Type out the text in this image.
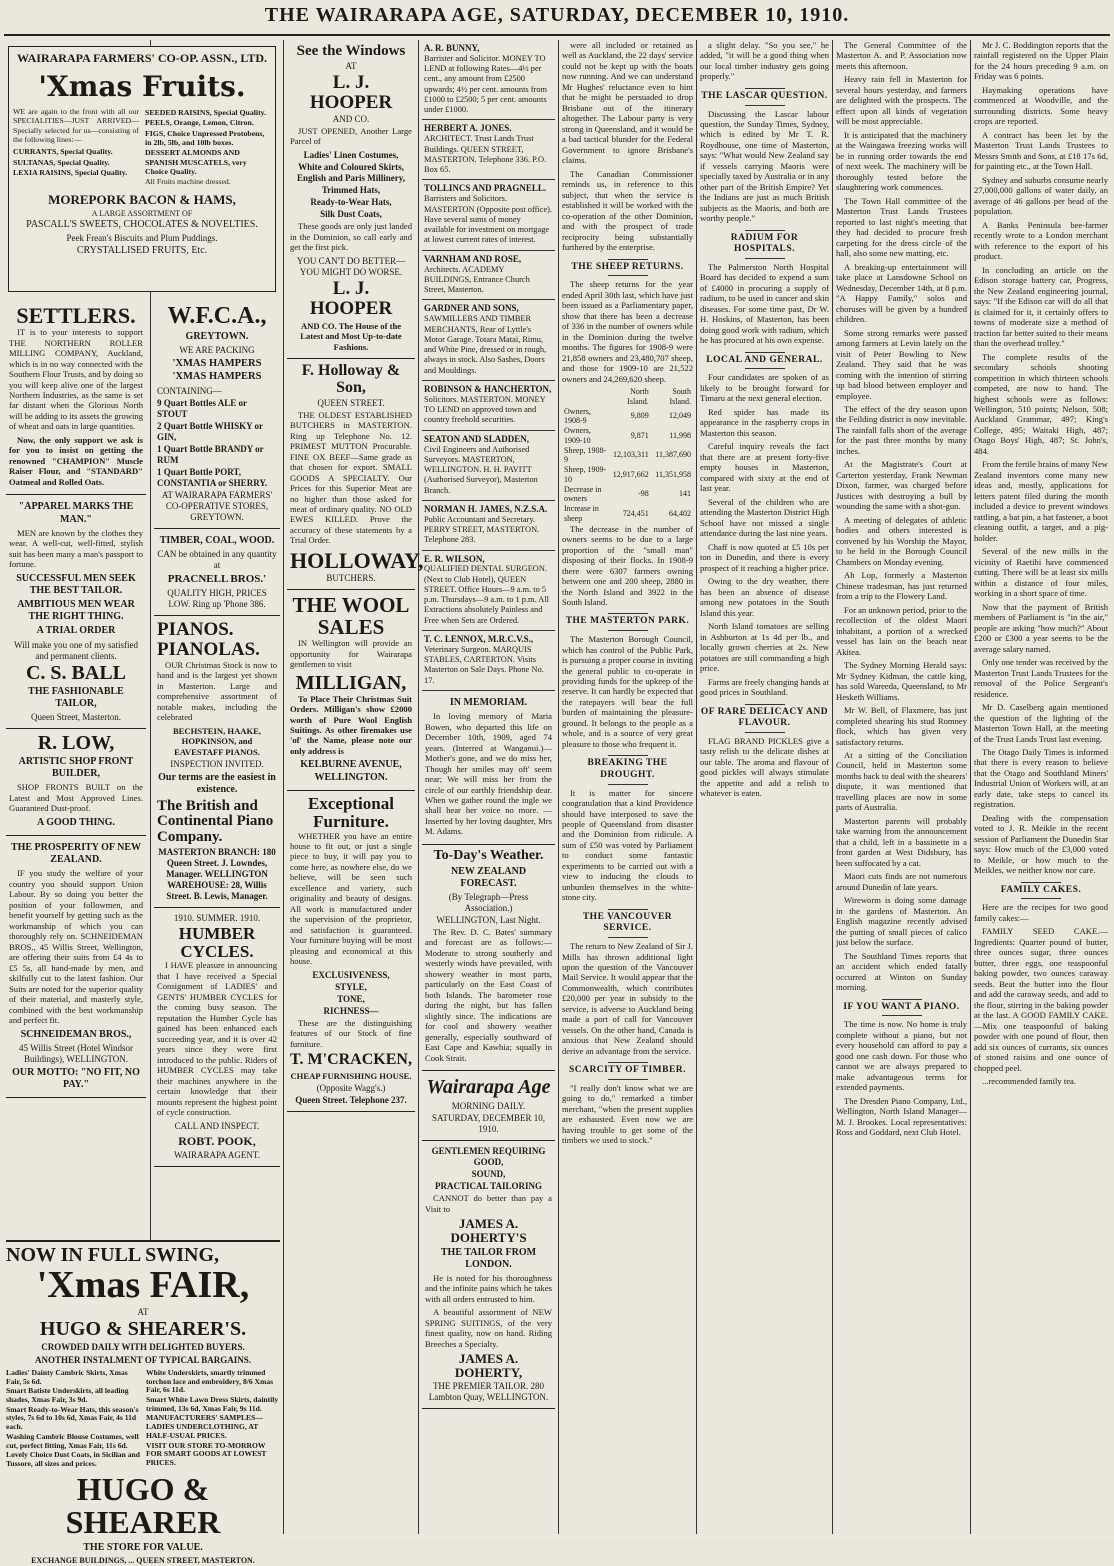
THE WAIRARAPA AGE, SATURDAY, DECEMBER 10, 1910.
WAIRARAPA FARMERS' CO-OP. ASSN., LTD.
'Xmas Fruits.

WE are again to the front with all our SPECIALITIES—JUST ARRIVED—Specially selected for us—consisting of the following lines:—

CURRANTS, Special Quality.
SULTANAS, Special Quality.
LEXIA RAISINS, Special Quality.
SEEDED RAISINS, Special Quality.
PEELS, Orange, Lemon, Citron.
FIGS, Choice Unpressed Protobens, in 2lb, 5lb, and 10lb boxes.
DESSERT ALMONDS AND SPANISH MUSCATELS, very Choice Quality.
All Fruits machine dressed.
MOREPORK BACON & HAMS,
A LARGE ASSORTMENT OF
PASCALL'S SWEETS, CHOCOLATES & NOVELTIES.
Peek Frean's Biscuits and Plum Puddings.
CRYSTALLISED FRUITS, Etc.
SETTLERS.

IT is to your interests to support THE NORTHERN ROLLER MILLING COMPANY, Auckland, which is in no way connected with the Southern Flour Trusts, and by doing so you will keep alive one of the largest Northern Industries, as the same is set far distant when the Glorious North will be adding to its assets the growing of wheat and oats in large quantities.

Now, the only support we ask is for you to insist on getting the renowned "CHAMPION" Muscle Raiser Flour, and "STANDARD" Oatmeal and Rolled Oats.

"APPAREL MARKS THE MAN."

MEN are known by the clothes they wear. A well-cut, well-fitted, stylish suit has been many a man's passport to fortune.

SUCCESSFUL MEN SEEK THE BEST TAILOR.
AMBITIOUS MEN WEAR THE RIGHT THING.
A TRIAL ORDER
Will make you one of my satisfied and permanent clients.
C. S. BALL
THE FASHIONABLE TAILOR,
Queen Street, Masterton.
R. LOW,
ARTISTIC SHOP FRONT BUILDER,

SHOP FRONTS BUILT on the Latest and Most Approved Lines. Guaranteed Dust-proof.

A GOOD THING.
THE PROSPERITY OF NEW ZEALAND.

IF you study the welfare of your country you should support Union Labour. By so doing you better the position of your followmen, and benefit yourself by getting such as the workmanship of which you can thoroughly rely on. SCHNEIDEMAN BROS., 45 Willis Street, Wellington, are offering their suits from £4 4s to £5 5s, all hand-made by men, and skilfully cut to the latest fashion. Our Suits are noted for the superior quality of their material, and masterly style, combined with the best workmanship and perfect fit.

SCHNEIDEMAN BROS.,
45 Willis Street (Hotel Windsor Buildings), WELLINGTON.
OUR MOTTO: "NO FIT, NO PAY."
W.F.C.A.,
GREYTOWN.
WE ARE PACKING
'XMAS HAMPERS 'XMAS HAMPERS
CONTAINING—
9 Quart Bottles ALE or STOUT
2 Quart Bottle WHISKY or GIN,
1 Quart Bottle BRANDY or RUM
1 Quart Bottle PORT, CONSTANTIA or SHERRY.
AT WAIRARAPA FARMERS' CO-OPERATIVE STORES, GREYTOWN.
TIMBER, COAL, WOOD.
CAN be obtained in any quantity at
PRACNELL BROS.'
QUALITY HIGH, PRICES LOW. Ring up 'Phone 386.
PIANOS.
PIANOLAS.

OUR Christmas Stock is now to hand and is the largest yet shown in Masterton. Large and comprehensive assortment of notable makes, including the celebrated

BECHSTEIN, HAAKE, HOPKINSON, and EAVESTAFF PIANOS.
INSPECTION INVITED.
Our terms are the easiest in existence.
The British and Continental Piano Company.
MASTERTON BRANCH: 180 Queen Street. J. Lowndes, Manager. WELLINGTON WAREHOUSE: 28, Willis Street. B. Lewis, Manager.
1910. SUMMER. 1910.
HUMBER CYCLES.

I HAVE pleasure in announcing that I have received a Special Consignment of LADIES' and GENTS' HUMBER CYCLES for the coming busy season. The reputation the Humber Cycle has gained has been enhanced each succeeding year, and it is over 42 years since they were first introduced to the public. Riders of HUMBER CYCLES may take their machines anywhere in the certain knowledge that their mounts represent the highest point of cycle construction.

CALL AND INSPECT.
ROBT. POOK,
WAIRARAPA AGENT.
NOW IN FULL SWING,
'Xmas FAIR,
AT
HUGO & SHEARER'S.
CROWDED DAILY WITH DELIGHTED BUYERS.
ANOTHER INSTALMENT OF TYPICAL BARGAINS.
Ladies' Dainty Cambric Skirts, Xmas Fair, 5s 6d.
Smart Batiste Underskirts, all leading shades, Xmas Fair, 3s 9d.
Smart Ready-to-Wear Hats, this season's styles, 7s 6d to 10s 6d, Xmas Fair, 4s 11d each.
Washing Cambric Blouse Costumes, well cut, perfect fitting, Xmas Fair, 11s 6d.
Lovely Choice Dust Coats, in Sicilian and Tussore, all sizes and prices.
White Underskirts, smartly trimmed torchon lace and embroidery, 8/6 Xmas Fair, 6s 11d.
Smart White Lawn Dress Skirts, daintily trimmed, 13s 6d, Xmas Fair, 9s 11d.
MANUFACTURERS' SAMPLES—LADIES UNDERCLOTHING, AT HALF-USUAL PRICES.
VISIT OUR STORE TO-MORROW FOR SMART GOODS AT LOWEST PRICES.
HUGO & SHEARER
THE STORE FOR VALUE.
EXCHANGE BUILDINGS, ... QUEEN STREET, MASTERTON.
See the Windows
AT
L. J. HOOPER
AND CO.

JUST OPENED, Another Large Parcel of

Ladies' Linen Costumes,
White and Coloured Skirts,
English and Paris Millinery,
Trimmed Hats,
Ready-to-Wear Hats,
Silk Dust Coats,

These goods are only just landed in the Dominion, so call early and get the first pick.

YOU CAN'T DO BETTER— YOU MIGHT DO WORSE.
L. J. HOOPER
AND CO. The House of the Latest and Most Up-to-date Fashions.
F. Holloway & Son,
QUEEN STREET.

THE OLDEST ESTABLISHED BUTCHERS in MASTERTON. Ring up Telephone No. 12. PRIMEST MUTTON Procurable. FINE OX BEEF—Same grade as that chosen for export. SMALL GOODS A SPECIALTY. Our Prices for this Superior Meat are no higher than those asked for meat of ordinary quality. NO OLD EWES KILLED. Prove the accuracy of these statements by a Trial Order.

HOLLOWAY,
BUTCHERS.
THE WOOL SALES

IN Wellington will provide an opportunity for Wairarapa gentlemen to visit

MILLIGAN,

To Place Their Christmas Suit Orders. Milligan's show £2000 worth of Pure Wool English Suitings. As other firemakes use 'of' the Name, please note our only address is

KELBURNE AVENUE, WELLINGTON.
Exceptional Furniture.

WHETHER you have an entire house to fit out, or just a single piece to buy, it will pay you to come here, as nowhere else, do we believe, will be seen such excellence and variety, such originality and beauty of designs. All work is manufactured under the supervision of the proprietor, and satisfaction is guaranteed. Your furniture buying will be most pleasing and economical at this house.

EXCLUSIVENESS,
STYLE,
TONE,
RICHNESS—

These are the distinguishing features of our Stock of fine furniture.

T. M'CRACKEN,
CHEAP FURNISHING HOUSE.
(Opposite Wagg's.)
Queen Street. Telephone 237.
A. R. BUNNY,
Barrister and Solicitor. MONEY TO LEND at following Rates—4½ per cent., any amount from £2500 upwards; 4½ per cent. amounts from £1000 to £2500; 5 per cent. amounts under £1000.
HERBERT A. JONES.
ARCHITECT. Trust Lands Trust Buildings. QUEEN STREET, MASTERTON. Telephone 336. P.O. Box 65.
TOLLINCS AND PRAGNELL.
Barristers and Solicitors. MASTERTON (Opposite post office). Have several sums of money available for investment on mortgage at lowest current rates of interest.
VARNHAM AND ROSE,
Architects. ACADEMY BUILDINGS, Entrance Church Street, Masterton.
GARDNER AND SONS,
SAWMILLERS AND TIMBER MERCHANTS, Rear of Lyttle's Motor Garage. Totara Matai, Rimu, and White Pine, dressed or in rough, always in stock. Also Sashes, Doors and Mouldings.
ROBINSON & HANCHERTON,
Solicitors. MASTERTON. MONEY TO LEND on approved town and country freehold securities.
SEATON AND SLADDEN,
Civil Engineers and Authorised Surveyors. MASTERTON, WELLINGTON. H. H. PAVITT (Authorised Surveyor), Masterton Branch.
NORMAN H. JAMES, N.Z.S.A.
Public Accountant and Secretary. PERRY STREET, MASTERTON. Telephone 283.
E. R. WILSON,
QUALIFIED DENTAL SURGEON. (Next to Club Hotel), QUEEN STREET. Office Hours—9 a.m. to 5 p.m. Thursdays—9 a.m. to 1 p.m. All Extractions absolutely Painless and Free when Sets are Ordered.
T. C. LENNOX, M.R.C.V.S.,
Veterinary Surgeon. MARQUIS STABLES, CARTERTON. Visits Masterton on Sale Days. Phone No. 17.
IN MEMORIAM.

In loving memory of Maria Bowen, who departed this life on December 10th, 1909, aged 74 years. (Interred at Wanganui.)— Mother's gone, and we do miss her, Though her smiles may oft' seem near; We will miss her from the circle of our earthly friendship dear. When we gather round the ingle we shall hear her voice no more. —Inserted by her loving daughter, Mrs M. Adams.

To-Day's Weather.
NEW ZEALAND FORECAST.
(By Telegraph—Press Association.)
WELLINGTON, Last Night.

The Rev. D. C. Bates' summary and forecast are as follows:—Moderate to strong southerly and westerly winds have prevailed, with showery weather in most parts, particularly on the East Coast of both Islands. The barometer rose during the night, but has fallen slightly since. The indications are for cool and showery weather generally, especially southward of East Cape and Kawhia; squally in Cook Strait.

Wairarapa Age
MORNING DAILY.
SATURDAY, DECEMBER 10, 1910.
GENTLEMEN REQUIRING
GOOD,
SOUND,
PRACTICAL TAILORING

CANNOT do better than pay a Visit to

JAMES A. DOHERTY'S
THE TAILOR FROM LONDON.

He is noted for his thoroughness and the infinite pains which he takes with all orders entrusted to him.

A beautiful assortment of NEW SPRING SUITINGS, of the very finest quality, now on hand. Riding Breeches a Specialty.

JAMES A. DOHERTY,
THE PREMIER TAILOR. 280 Lambton Quay, WELLINGTON.

were all included or retained as well as Auckland, the 22 days' service could not be kept up with the boats now running. And we can understand Mr Hughes' reluctance even to hint that he might be persuaded to drop Brisbane out of the itinerary altogether. The Labour party is very strong in Queensland, and it would be a bad tactical blunder for the Federal Government to ignore Brisbane's claims.

The Canadian Commissioner reminds us, in reference to this subject, that when the service is established it will be worked with the co-operation of the other Dominion, and with the prospect of trade reciprocity being substantially furthered by the enterprise.

THE SHEEP RETURNS.

The sheep returns for the year ended April 30th last, which have just been issued as a Parliamentary paper, show that there has been a decrease of 336 in the number of owners while in the Dominion during the twelve months. The figures for 1908-9 were 21,858 owners and 23,480,707 sheep, and those for 1909-10 are 21,522 owners and 24,269,620 sheep.

	North Island.	South Island.
Owners, 1908-9	9,809	12,049
Owners, 1909-10	9,871	11,998
Sheep, 1908-9	12,103,311	11,387,690
Sheep, 1909-10	12,917,662	11,351,958
Decrease in owners	-98	141
Increase in sheep	724,451	64,402

The decrease in the number of owners seems to be due to a large proportion of the "small man" disposing of their flocks. In 1908-9 there were 6307 farmers owning between one and 200 sheep, 2880 in the North Island and 3922 in the South Island.

THE MASTERTON PARK.

The Masterton Borough Council, which has control of the Public Park, is pursuing a proper course in inviting the general public to co-operate in providing funds for the upkeep of the reserve. It can hardly be expected that the ratepayers will bear the full burden of maintaining the pleasure-ground. It belongs to the people as a whole, and is a source of very great pleasure to those who frequent it.

BREAKING THE DROUGHT.

It is matter for sincere congratulation that a kind Providence should have interposed to save the people of Queensland from disaster and the Dominion from ridicule. A sum of £50 was voted by Parliament to conduct some fantastic experiments to be carried out with a view to inducing the clouds to unburden themselves in the white-stone city.

THE VANCOUVER SERVICE.

The return to New Zealand of Sir J. Mills has thrown additional light upon the question of the Vancouver Mail Service. It would appear that the Commonwealth, which contributes £20,000 per year in subsidy to the service, is adverse to Auckland being made a port of call for Vancouver vessels. On the other hand, Canada is anxious that New Zealand should derive an advantage from the service.

SCARCITY OF TIMBER.

"I really don't know what we are going to do," remarked a timber merchant, "when the present supplies are exhausted. Even now we are having trouble to get some of the timbers we used to stock."

a slight delay. "So you see," he added, "it will be a good thing when our local timber industry gets going properly."

THE LASCAR QUESTION.

Discussing the Lascar labour question, the Sunday Times, Sydney, which is edited by Mr T. R. Roydhouse, one time of Masterton, says: "What would New Zealand say if vessels carrying Maoris were specially taxed by Australia or in any other part of the British Empire? Yet the Indians are just as much British subjects as the Maoris, and both are worthy people."

RADIUM FOR HOSPITALS.

The Palmerston North Hospital Board has decided to expend a sum of £4000 in procuring a supply of radium, to be used in cancer and skin diseases. For some time past, Dr W. H. Hoskins, of Masterton, has been doing good work with radium, which he has procured at his own expense.

LOCAL AND GENERAL.

Four candidates are spoken of as likely to be brought forward for Timaru at the next general election.

Red spider has made its appearance in the raspberry crops in Masterton this season.

Careful inquiry reveals the fact that there are at present forty-five empty houses in Masterton, compared with sixty at the end of last year.

Several of the children who are attending the Masterton District High School have not missed a single attendance during the last nine years.

Chaff is now quoted at £5 10s per ton in Dunedin, and there is every prospect of it reaching a higher price.

Owing to the dry weather, there has been an absence of disease among new potatoes in the South Island this year.

North Island tomatoes are selling in Ashburton at 1s 4d per lb., and locally grown cherries at 2s. New potatoes are still commanding a high price.

Farms are freely changing hands at good prices in Southland.

OF RARE DELICACY AND FLAVOUR.

FLAG BRAND PICKLES give a tasty relish to the delicate dishes at our table. The aroma and flavour of good pickles will always stimulate the appetite and add a relish to whatever is eaten.

The General Committee of the Masterton A. and P. Association now meets this afternoon.

Heavy rain fell in Masterton for several hours yesterday, and farmers are delighted with the prospects. The effect upon all kinds of vegetation will be most appreciable.

It is anticipated that the machinery at the Waingawa freezing works will be in running order towards the end of next week. The machinery will be thoroughly tested before the slaughtering work commences.

The Town Hall committee of the Masterton Trust Lands Trustees reported to last night's meeting that they had decided to procure fresh carpeting for the dress circle of the hall, also some new matting, etc.

A breaking-up entertainment will take place at Lansdowne School on Wednesday, December 14th, at 8 p.m. "A Happy Family," solos and choruses will be given by a hundred children.

Some strong remarks were passed among farmers at Levin lately on the visit of Peter Bowling to New Zealand. They said that he was coming with the intention of stirring up bad blood between employer and employee.

The effect of the dry season upon the Feilding district is now inevitable. The rainfall falls short of the average for the past three months by many inches.

At the Magistrate's Court at Carterton yesterday, Frank Newman Dixon, farmer, was charged before Justices with destroying a bull by wounding the same with a shot-gun.

A meeting of delegates of athletic bodies and others interested is convened by his Worship the Mayor, to be held in the Borough Council Chambers on Monday evening.

Ah Lop, formerly a Masterton Chinese tradesman, has just returned from a trip to the Flowery Land.

For an unknown period, prior to the recollection of the oldest Maori inhabitant, a portion of a wrecked vessel has lain on the beach near Akitea.

The Sydney Morning Herald says: Mr Sydney Kidman, the cattle king, has sold Wareeda, Queensland, to Mr Hesketh Williams.

Mr W. Bell, of Flaxmere, has just completed shearing his stud Romney flock, which has given very satisfactory returns.

At a sitting of the Conciliation Council, held in Masterton some months back to deal with the shearers' dispute, it was mentioned that travelling places are now in some parts of Australia.

Masterton parents will probably take warning from the announcement that a child, left in a bassinette in a front garden at West Didsbury, has been suffocated by a cat.

Maori cuts finds are not numerous around Dunedin of late years.

Wireworm is doing some damage in the gardens of Masterton. An English magazine recently advised the putting of small pieces of calico just below the surface.

The Southland Times reports that an accident which ended fatally occurred at Winton on Sunday morning.

IF YOU WANT A PIANO.

The time is now. No home is truly complete without a piano, but not every household can afford to pay a good one cash down. For those who cannot we are always prepared to make advantageous terms for extended payments.

The Dresden Piano Company, Ltd., Wellington, North Island Manager—M. J. Brookes. Local representatives: Ross and Goddard, next Club Hotel.

Mr J. C. Boddington reports that the rainfall registered on the Upper Plain for the 24 hours preceding 9 a.m. on Friday was 6 points.

Haymaking operations have commenced at Woodville, and the surrounding districts. Some heavy crops are reported.

A contract has been let by the Masterton Trust Lands Trustees to Messrs Smith and Sons, at £18 17s 6d, for painting etc., at the Town Hall.

Sydney and suburbs consume nearly 27,000,000 gallons of water daily, an average of 46 gallons per head of the population.

A Banks Peninsula bee-farmer recently wrote to a London merchant with reference to the export of his product.

In concluding an article on the Edison storage battery car, Progress, the New Zealand engineering journal, says: "If the Edison car will do all that is claimed for it, it certainly offers to towns of moderate size a method of traction far better suited to their means than the overhead trolley."

The complete results of the secondary schools shooting competition in which thirteen schools competed, are now to hand. The highest schools were as follows: Wellington, 510 points; Nelson, 508; Auckland Grammar, 497; King's College, 495; Waitaki High, 487; Otago Boys' High, 487; St. John's, 484.

From the fertile brains of many New Zealand inventors come many new ideas and, mostly, applications for letters patent filed during the month included a device to prevent windows rattling, a bat pin, a hat fastener, a boot cleaning outfit, a target, and a pig-holder.

Several of the new mills in the vicinity of Raetihi have commenced cutting. There will be at least six mills within a distance of four miles, working in a short space of time.

Now that the payment of British members of Parliament is "in the air," people are asking "how much?" About £200 or £300 a year seems to be the average salary named.

Only one tender was received by the Masterton Trust Lands Trustees for the removal of the Police Sergeant's residence.

Mr D. Caselberg again mentioned the question of the lighting of the Masterton Town Hall, at the meeting of the Trust Lands Trust last evening.

The Otago Daily Times is informed that there is every reason to believe that the Otago and Southland Miners' Industrial Union of Workers will, at an early date, take steps to cancel its registration.

Dealing with the compensation voted to J. R. Meikle in the recent session of Parliament the Dunedin Star says: How much of the £3,000 voted to Meikle, or how much to the Meikles, we neither know nor care.

FAMILY CAKES.

Here are the recipes for two good family cakes:—

FAMILY SEED CAKE.—Ingredients: Quarter pound of butter, three ounces sugar, three ounces butter, three eggs, one teaspoonful baking powder, two ounces caraway seeds. Beat the butter into the flour and add the caraway seeds, and add to the flour, stirring in the baking powder at the last. A GOOD FAMILY CAKE.—Mix one teaspoonful of baking powder with one pound of flour, then add six ounces of currants, six ounces of stoned raisins and one ounce of chopped peel.

...recommended family tea.
